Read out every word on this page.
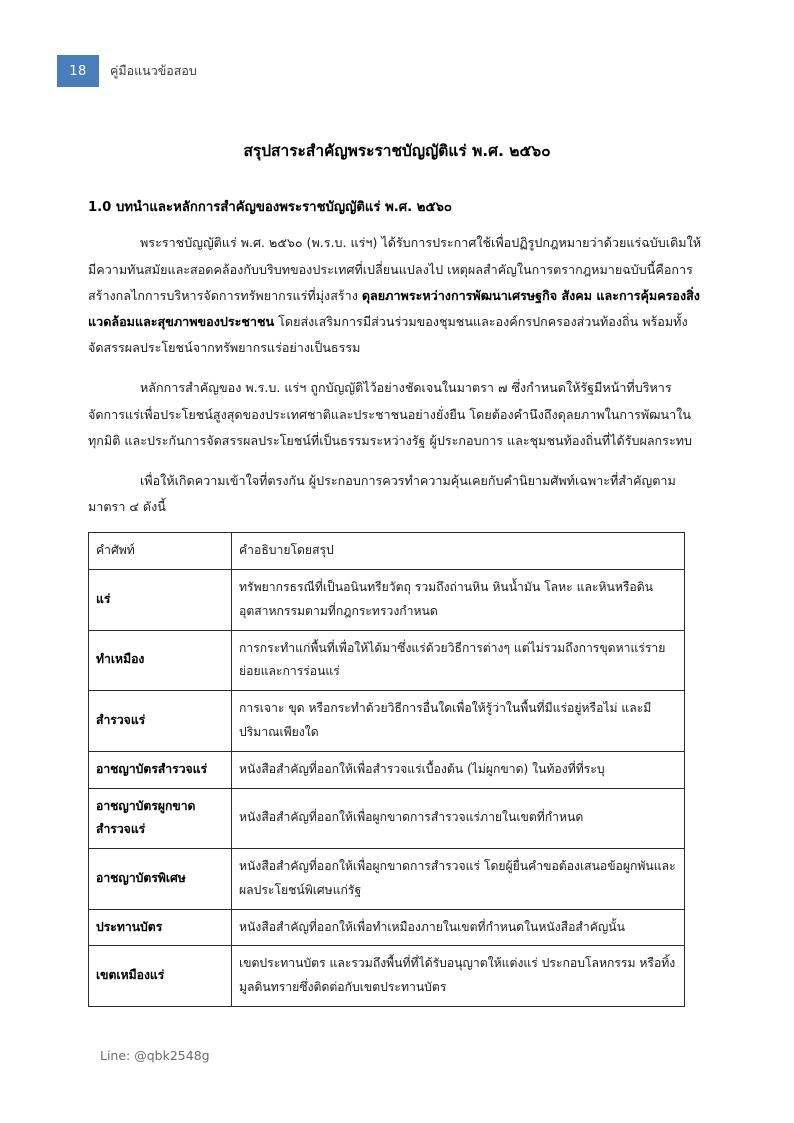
18	คู่มือแนวข้อสอบ
สรุปสาระสำคัญพระราชบัญญัติแร่ พ.ศ. ๒๕๖๐
1.0 บทนำและหลักการสำคัญของพระราชบัญญัติแร่ พ.ศ. ๒๕๖๐

พระราชบัญญัติแร่ พ.ศ. ๒๕๖๐ (พ.ร.บ. แร่ฯ) ได้รับการประกาศใช้เพื่อปฏิรูปกฎหมายว่าด้วยแร่ฉบับเดิมให้มีความทันสมัยและสอดคล้องกับบริบทของประเทศที่เปลี่ยนแปลงไป เหตุผลสำคัญในการตรากฎหมายฉบับนี้คือการสร้างกลไกการบริหารจัดการทรัพยากรแร่ที่มุ่งสร้าง ดุลยภาพระหว่างการพัฒนาเศรษฐกิจ สังคม และการคุ้มครองสิ่งแวดล้อมและสุขภาพของประชาชน โดยส่งเสริมการมีส่วนร่วมของชุมชนและองค์กรปกครองส่วนท้องถิ่น พร้อมทั้งจัดสรรผลประโยชน์จากทรัพยากรแร่อย่างเป็นธรรม

หลักการสำคัญของ พ.ร.บ. แร่ฯ ถูกบัญญัติไว้อย่างชัดเจนในมาตรา ๗ ซึ่งกำหนดให้รัฐมีหน้าที่บริหารจัดการแร่เพื่อประโยชน์สูงสุดของประเทศชาติและประชาชนอย่างยั่งยืน โดยต้องคำนึงถึงดุลยภาพในการพัฒนาในทุกมิติ และประกันการจัดสรรผลประโยชน์ที่เป็นธรรมระหว่างรัฐ ผู้ประกอบการ และชุมชนท้องถิ่นที่ได้รับผลกระทบ

เพื่อให้เกิดความเข้าใจที่ตรงกัน ผู้ประกอบการควรทำความคุ้นเคยกับคำนิยามศัพท์เฉพาะที่สำคัญตามมาตรา ๔ ดังนี้

คำศัพท์	คำอธิบายโดยสรุป
แร่	ทรัพยากรธรณีที่เป็นอนินทรียวัตถุ รวมถึงถ่านหิน หินน้ำมัน โลหะ และหินหรือดินอุตสาหกรรมตามที่กฎกระทรวงกำหนด
ทำเหมือง	การกระทำแก่พื้นที่เพื่อให้ได้มาซึ่งแร่ด้วยวิธีการต่างๆ แต่ไม่รวมถึงการขุดหาแร่รายย่อยและการร่อนแร่
สำรวจแร่	การเจาะ ขุด หรือกระทำด้วยวิธีการอื่นใดเพื่อให้รู้ว่าในพื้นที่มีแร่อยู่หรือไม่ และมีปริมาณเพียงใด
อาชญาบัตรสำรวจแร่	หนังสือสำคัญที่ออกให้เพื่อสำรวจแร่เบื้องต้น (ไม่ผูกขาด) ในท้องที่ที่ระบุ
อาชญาบัตรผูกขาดสำรวจแร่	หนังสือสำคัญที่ออกให้เพื่อผูกขาดการสำรวจแร่ภายในเขตที่กำหนด
อาชญาบัตรพิเศษ	หนังสือสำคัญที่ออกให้เพื่อผูกขาดการสำรวจแร่ โดยผู้ยื่นคำขอต้องเสนอข้อผูกพันและผลประโยชน์พิเศษแก่รัฐ
ประทานบัตร	หนังสือสำคัญที่ออกให้เพื่อทำเหมืองภายในเขตที่กำหนดในหนังสือสำคัญนั้น
เขตเหมืองแร่	เขตประทานบัตร และรวมถึงพื้นที่ที่ได้รับอนุญาตให้แต่งแร่ ประกอบโลหกรรม หรือทิ้งมูลดินทรายซึ่งติดต่อกับเขตประทานบัตร
Line: @qbk2548g
